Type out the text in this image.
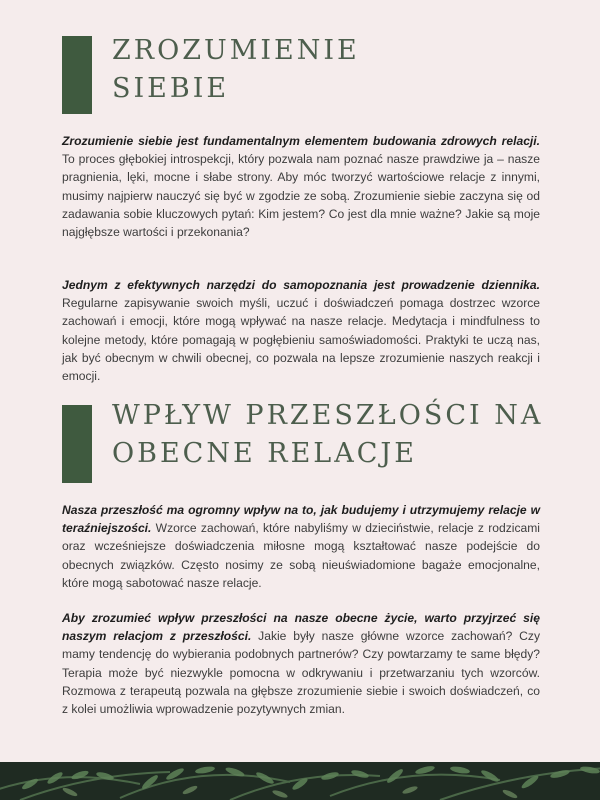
ZROZUMIENIE
SIEBIE

Zrozumienie siebie jest fundamentalnym elementem budowania zdrowych relacji. To proces głębokiej introspekcji, który pozwala nam poznać nasze prawdziwe ja – nasze pragnienia, lęki, mocne i słabe strony. Aby móc tworzyć wartościowe relacje z innymi, musimy najpierw nauczyć się być w zgodzie ze sobą. Zrozumienie siebie zaczyna się od zadawania sobie kluczowych pytań: Kim jestem? Co jest dla mnie ważne? Jakie są moje najgłębsze wartości i przekonania?

Jednym z efektywnych narzędzi do samopoznania jest prowadzenie dziennika. Regularne zapisywanie swoich myśli, uczuć i doświadczeń pomaga dostrzec wzorce zachowań i emocji, które mogą wpływać na nasze relacje. Medytacja i mindfulness to kolejne metody, które pomagają w pogłębieniu samoświadomości. Praktyki te uczą nas, jak być obecnym w chwili obecnej, co pozwala na lepsze zrozumienie naszych reakcji i emocji.

WPŁYW PRZESZŁOŚCI NA
OBECNE RELACJE

Nasza przeszłość ma ogromny wpływ na to, jak budujemy i utrzymujemy relacje w teraźniejszości. Wzorce zachowań, które nabyliśmy w dzieciństwie, relacje z rodzicami oraz wcześniejsze doświadczenia miłosne mogą kształtować nasze podejście do obecnych związków. Często nosimy ze sobą nieuświadomione bagaże emocjonalne, które mogą sabotować nasze relacje.

Aby zrozumieć wpływ przeszłości na nasze obecne życie, warto przyjrzeć się naszym relacjom z przeszłości. Jakie były nasze główne wzorce zachowań? Czy mamy tendencję do wybierania podobnych partnerów? Czy powtarzamy te same błędy? Terapia może być niezwykle pomocna w odkrywaniu i przetwarzaniu tych wzorców. Rozmowa z terapeutą pozwala na głębsze zrozumienie siebie i swoich doświadczeń, co z kolei umożliwia wprowadzenie pozytywnych zmian.
